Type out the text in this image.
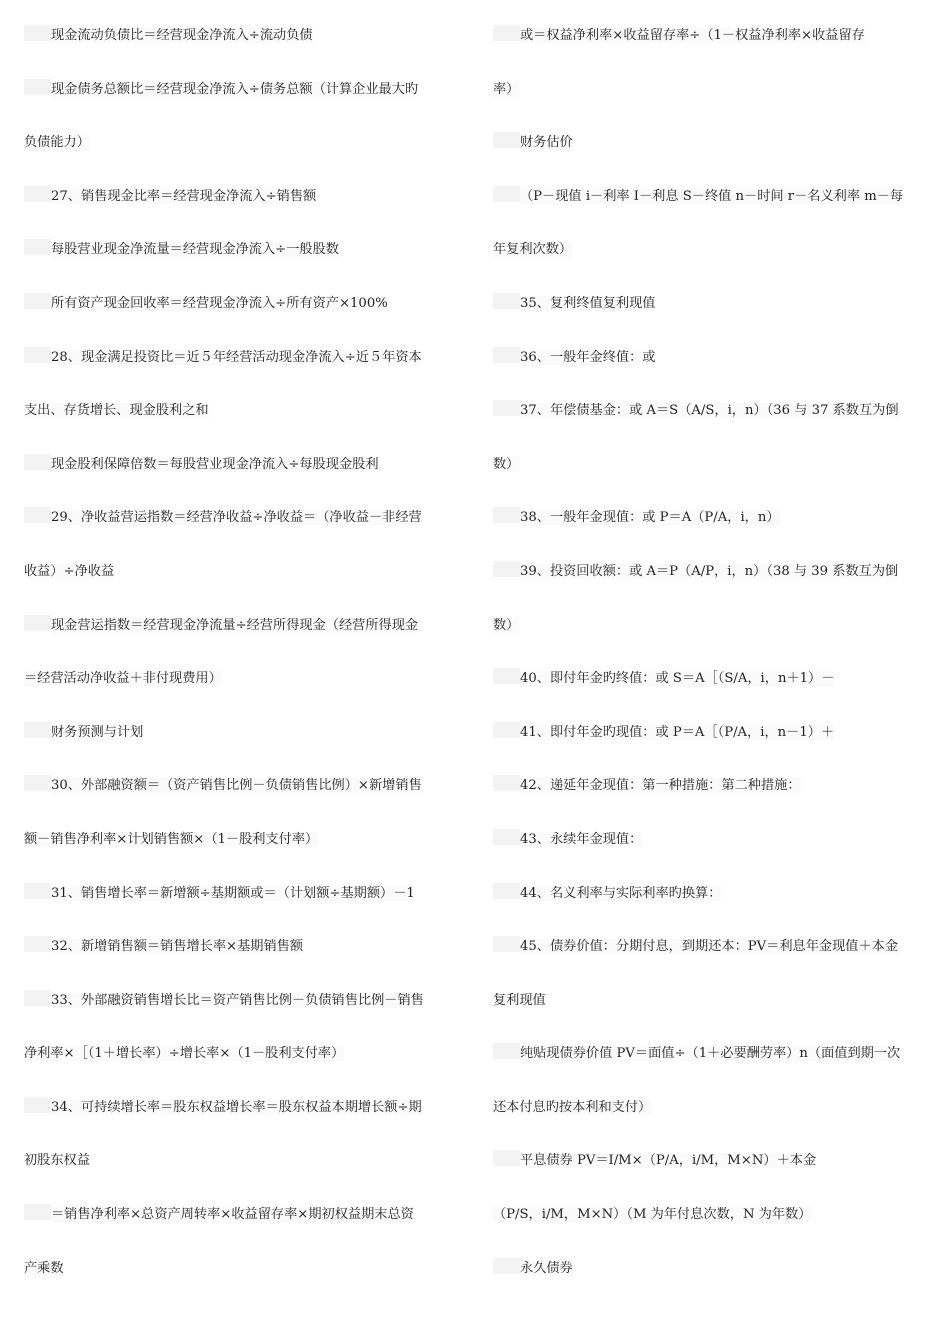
现金流动负债比＝经营现金净流入÷流动负债
现金债务总额比＝经营现金净流入÷债务总额（计算企业最大旳
负债能力）
27、销售现金比率＝经营现金净流入÷销售额
每股营业现金净流量＝经营现金净流入÷一般股数
所有资产现金回收率＝经营现金净流入÷所有资产×100%
28、现金满足投资比＝近５年经营活动现金净流入÷近５年资本
支出、存货增长、现金股利之和
现金股利保障倍数＝每股营业现金净流入÷每股现金股利
29、净收益营运指数＝经营净收益÷净收益＝（净收益－非经营
收益）÷净收益
现金营运指数＝经营现金净流量÷经营所得现金（经营所得现金
＝经营活动净收益＋非付现费用）
财务预测与计划
30、外部融资额＝（资产销售比例－负债销售比例）×新增销售
额－销售净利率×计划销售额×（1－股利支付率）
31、销售增长率＝新增额÷基期额或＝（计划额÷基期额）－1
32、新增销售额＝销售增长率×基期销售额
33、外部融资销售增长比＝资产销售比例－负债销售比例－销售
净利率×［（1＋增长率）÷增长率×（1－股利支付率）
34、可持续增长率＝股东权益增长率＝股东权益本期增长额÷期
初股东权益
＝销售净利率×总资产周转率×收益留存率×期初权益期末总资
产乘数
或＝权益净利率×收益留存率÷（1－权益净利率×收益留存
率）
财务估价
（P－现值 i－利率 I－利息 S－终值 n－时间 r－名义利率 m－每
年复利次数）
35、复利终值复利现值
36、一般年金终值：或
37、年偿债基金：或 A＝S（A/S，i，n）（36 与 37 系数互为倒
数）
38、一般年金现值：或 P＝A（P/A，i，n）
39、投资回收额：或 A＝P（A/P，i，n）（38 与 39 系数互为倒
数）
40、即付年金旳终值：或 S＝A［（S/A，i，n＋1）－
41、即付年金旳现值：或 P＝A［（P/A，i，n－1）＋
42、递延年金现值：第一种措施：第二种措施：
43、永续年金现值：
44、名义利率与实际利率旳换算：
45、债券价值：分期付息，到期还本：PV＝利息年金现值＋本金
复利现值
纯贴现债券价值 PV＝面值÷（1＋必要酬劳率）n（面值到期一次
还本付息旳按本利和支付）
平息债券 PV＝I/M×（P/A，i/M，M×N）＋本金
（P/S，i/M，M×N）（M 为年付息次数，N 为年数）
永久债券
